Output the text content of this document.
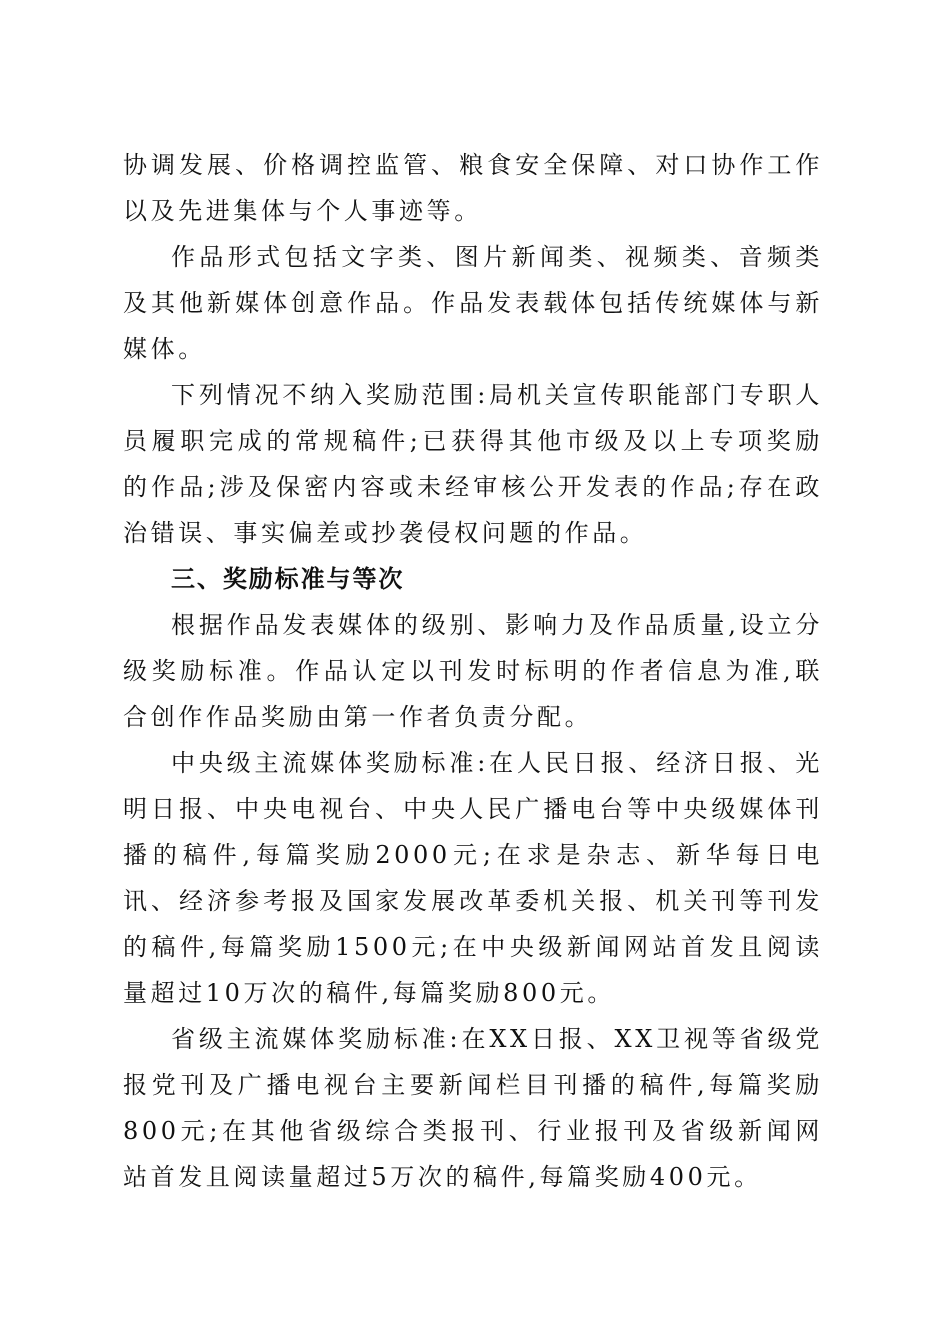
协调发展、价格调控监管、粮食安全保障、对口协作工作以及先进集体与个人事迹等。

作品形式包括文字类、图片新闻类、视频类、音频类及其他新媒体创意作品。作品发表载体包括传统媒体与新媒体。

下列情况不纳入奖励范围:局机关宣传职能部门专职人员履职完成的常规稿件;已获得其他市级及以上专项奖励的作品;涉及保密内容或未经审核公开发表的作品;存在政治错误、事实偏差或抄袭侵权问题的作品。

三、奖励标准与等次

根据作品发表媒体的级别、影响力及作品质量,设立分级奖励标准。作品认定以刊发时标明的作者信息为准,联合创作作品奖励由第一作者负责分配。

中央级主流媒体奖励标准:在人民日报、经济日报、光明日报、中央电视台、中央人民广播电台等中央级媒体刊播的稿件,每篇奖励2000元;在求是杂志、新华每日电讯、经济参考报及国家发展改革委机关报、机关刊等刊发的稿件,每篇奖励1500元;在中央级新闻网站首发且阅读量超过10万次的稿件,每篇奖励800元。

省级主流媒体奖励标准:在XX日报、XX卫视等省级党报党刊及广播电视台主要新闻栏目刊播的稿件,每篇奖励800元;在其他省级综合类报刊、行业报刊及省级新闻网站首发且阅读量超过5万次的稿件,每篇奖励400元。
